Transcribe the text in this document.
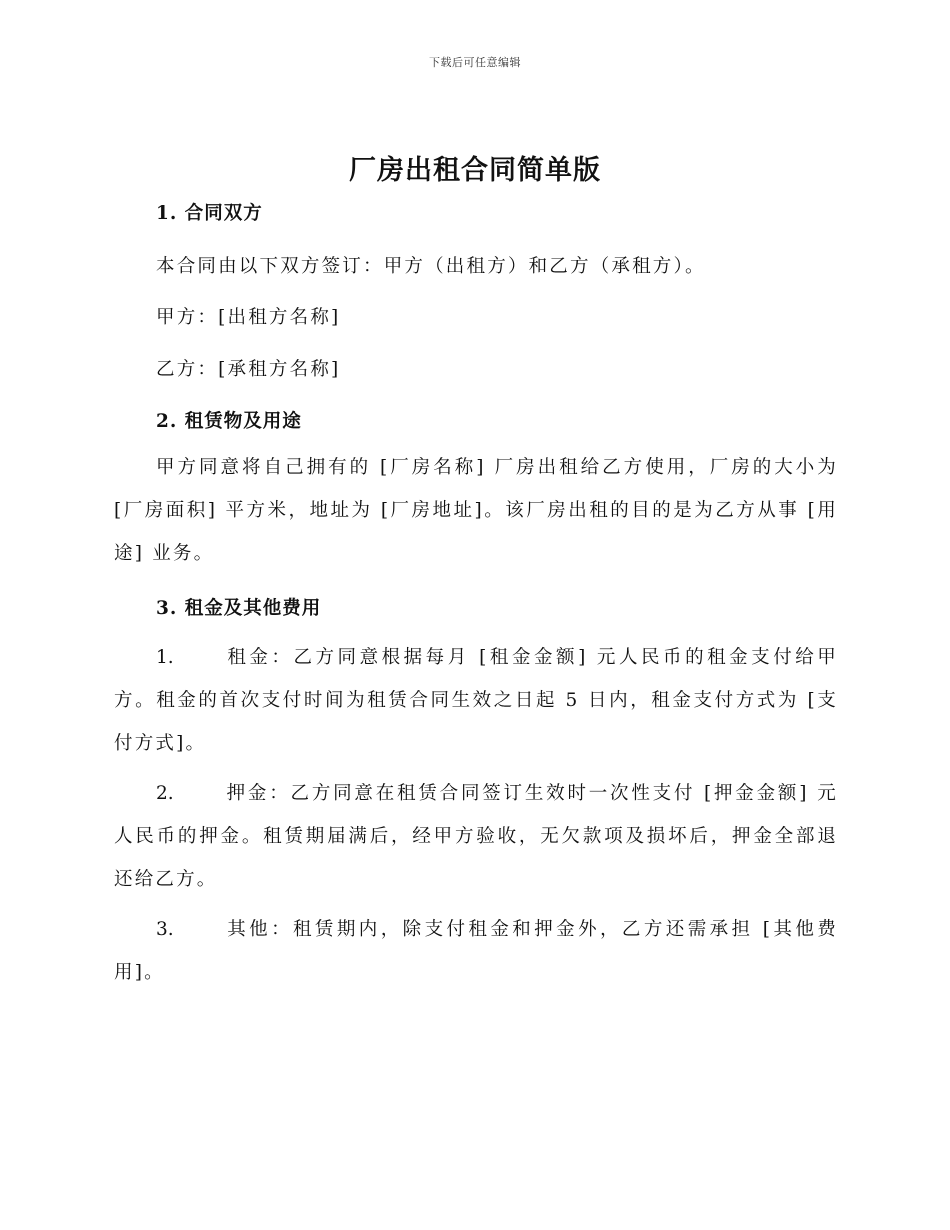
下载后可任意编辑
厂房出租合同简单版
1. 合同双方
本合同由以下双方签订：甲方（出租方）和乙方（承租方）。
甲方：[出租方名称]
乙方：[承租方名称]
2. 租赁物及用途
甲方同意将自己拥有的 [厂房名称] 厂房出租给乙方使用，厂房的大小为 [厂房面积] 平方米，地址为 [厂房地址]。该厂房出租的目的是为乙方从事 [用途] 业务。
3. 租金及其他费用
1.	租金：乙方同意根据每月 [租金金额] 元人民币的租金支付给甲方。租金的首次支付时间为租赁合同生效之日起 5 日内，租金支付方式为 [支付方式]。
2.	押金：乙方同意在租赁合同签订生效时一次性支付 [押金金额] 元人民币的押金。租赁期届满后，经甲方验收，无欠款项及损坏后，押金全部退还给乙方。
3.	其他：租赁期内，除支付租金和押金外，乙方还需承担 [其他费用]。
